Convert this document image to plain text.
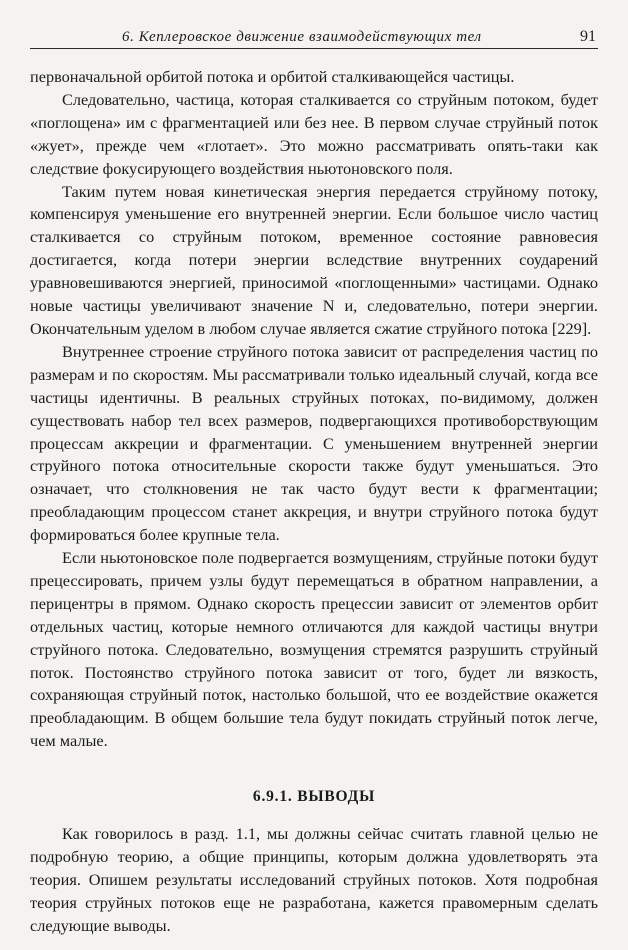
6. Кеплеровское движение взаимодействующих тел	91

первоначальной орбитой потока и орбитой сталкивающейся частицы.

Следовательно, частица, которая сталкивается со струйным потоком, будет «поглощена» им с фрагментацией или без нее. В первом случае струйный поток «жует», прежде чем «глотает». Это можно рассматривать опять-таки как следствие фокусирующего воздействия ньютоновского поля.

Таким путем новая кинетическая энергия передается струйному потоку, компенсируя уменьшение его внутренней энергии. Если большое число частиц сталкивается со струйным потоком, временное состояние равновесия достигается, когда потери энергии вследствие внутренних соударений уравновешиваются энергией, приносимой «поглощенными» частицами. Однако новые частицы увеличивают значение N и, следовательно, потери энергии. Окончательным уделом в любом случае является сжатие струйного потока [229].

Внутреннее строение струйного потока зависит от распределения частиц по размерам и по скоростям. Мы рассматривали только идеальный случай, когда все частицы идентичны. В реальных струйных потоках, по-видимому, должен существовать набор тел всех размеров, подвергающихся противоборствующим процессам аккреции и фрагментации. С уменьшением внутренней энергии струйного потока относительные скорости также будут уменьшаться. Это означает, что столкновения не так часто будут вести к фрагментации; преобладающим процессом станет аккреция, и внутри струйного потока будут формироваться более крупные тела.

Если ньютоновское поле подвергается возмущениям, струйные потоки будут прецессировать, причем узлы будут перемещаться в обратном направлении, а перицентры в прямом. Однако скорость прецессии зависит от элементов орбит отдельных частиц, которые немного отличаются для каждой частицы внутри струйного потока. Следовательно, возмущения стремятся разрушить струйный поток. Постоянство струйного потока зависит от того, будет ли вязкость, сохраняющая струйный поток, настолько большой, что ее воздействие окажется преобладающим. В общем большие тела будут покидать струйный поток легче, чем малые.

6.9.1. ВЫВОДЫ

Как говорилось в разд. 1.1, мы должны сейчас считать главной целью не подробную теорию, а общие принципы, которым должна удовлетворять эта теория. Опишем результаты исследований струйных потоков. Хотя подробная теория струйных потоков еще не разработана, кажется правомерным сделать следующие выводы.
